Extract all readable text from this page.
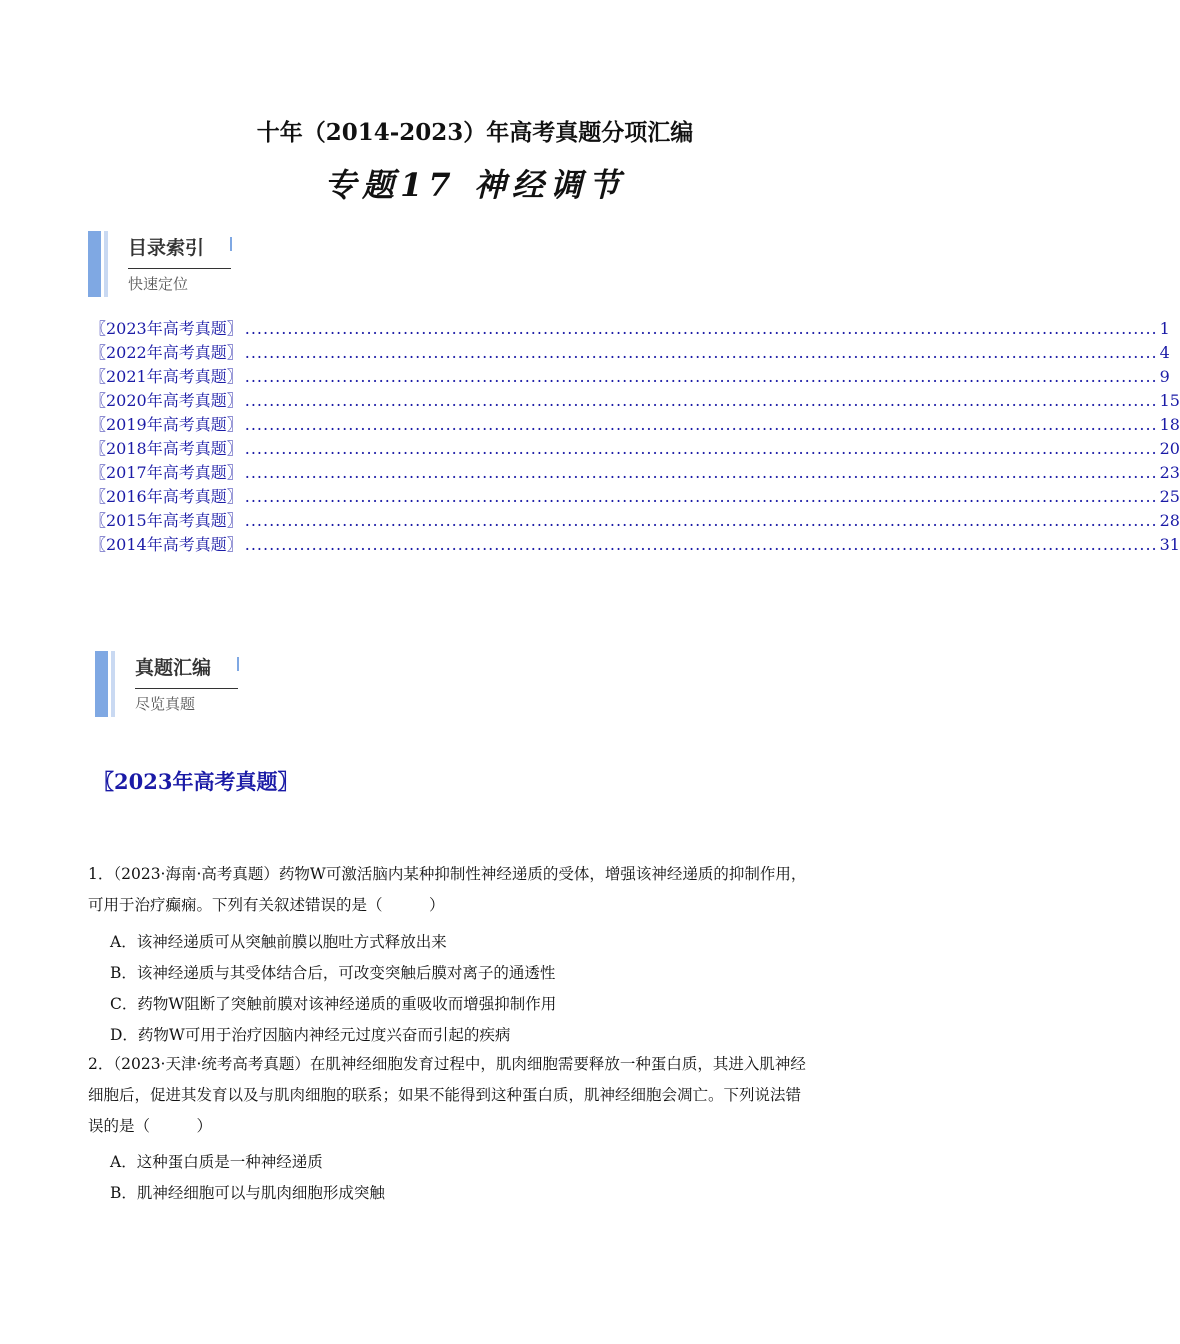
十年（2014-2023）年高考真题分项汇编
专题17 神经调节
目录索引
快速定位
〖2023年高考真题〗 ...................................................................................................................................................... 1
〖2022年高考真题〗 ...................................................................................................................................................... 4
〖2021年高考真题〗 ...................................................................................................................................................... 9
〖2020年高考真题〗 ...................................................................................................................................................... 15
〖2019年高考真题〗 ...................................................................................................................................................... 18
〖2018年高考真题〗 ...................................................................................................................................................... 20
〖2017年高考真题〗 ...................................................................................................................................................... 23
〖2016年高考真题〗 ...................................................................................................................................................... 25
〖2015年高考真题〗 ...................................................................................................................................................... 28
〖2014年高考真题〗 ...................................................................................................................................................... 31
真题汇编
尽览真题
〖2023年高考真题〗
1．（2023·海南·高考真题）药物W可激活脑内某种抑制性神经递质的受体，增强该神经递质的抑制作用，
可用于治疗癫痫。下列有关叙述错误的是（　　　）
A．该神经递质可从突触前膜以胞吐方式释放出来
B．该神经递质与其受体结合后，可改变突触后膜对离子的通透性
C．药物W阻断了突触前膜对该神经递质的重吸收而增强抑制作用
D．药物W可用于治疗因脑内神经元过度兴奋而引起的疾病
2．（2023·天津·统考高考真题）在肌神经细胞发育过程中，肌肉细胞需要释放一种蛋白质，其进入肌神经
细胞后，促进其发育以及与肌肉细胞的联系；如果不能得到这种蛋白质，肌神经细胞会凋亡。下列说法错
误的是（　　　）
A．这种蛋白质是一种神经递质
B．肌神经细胞可以与肌肉细胞形成突触
